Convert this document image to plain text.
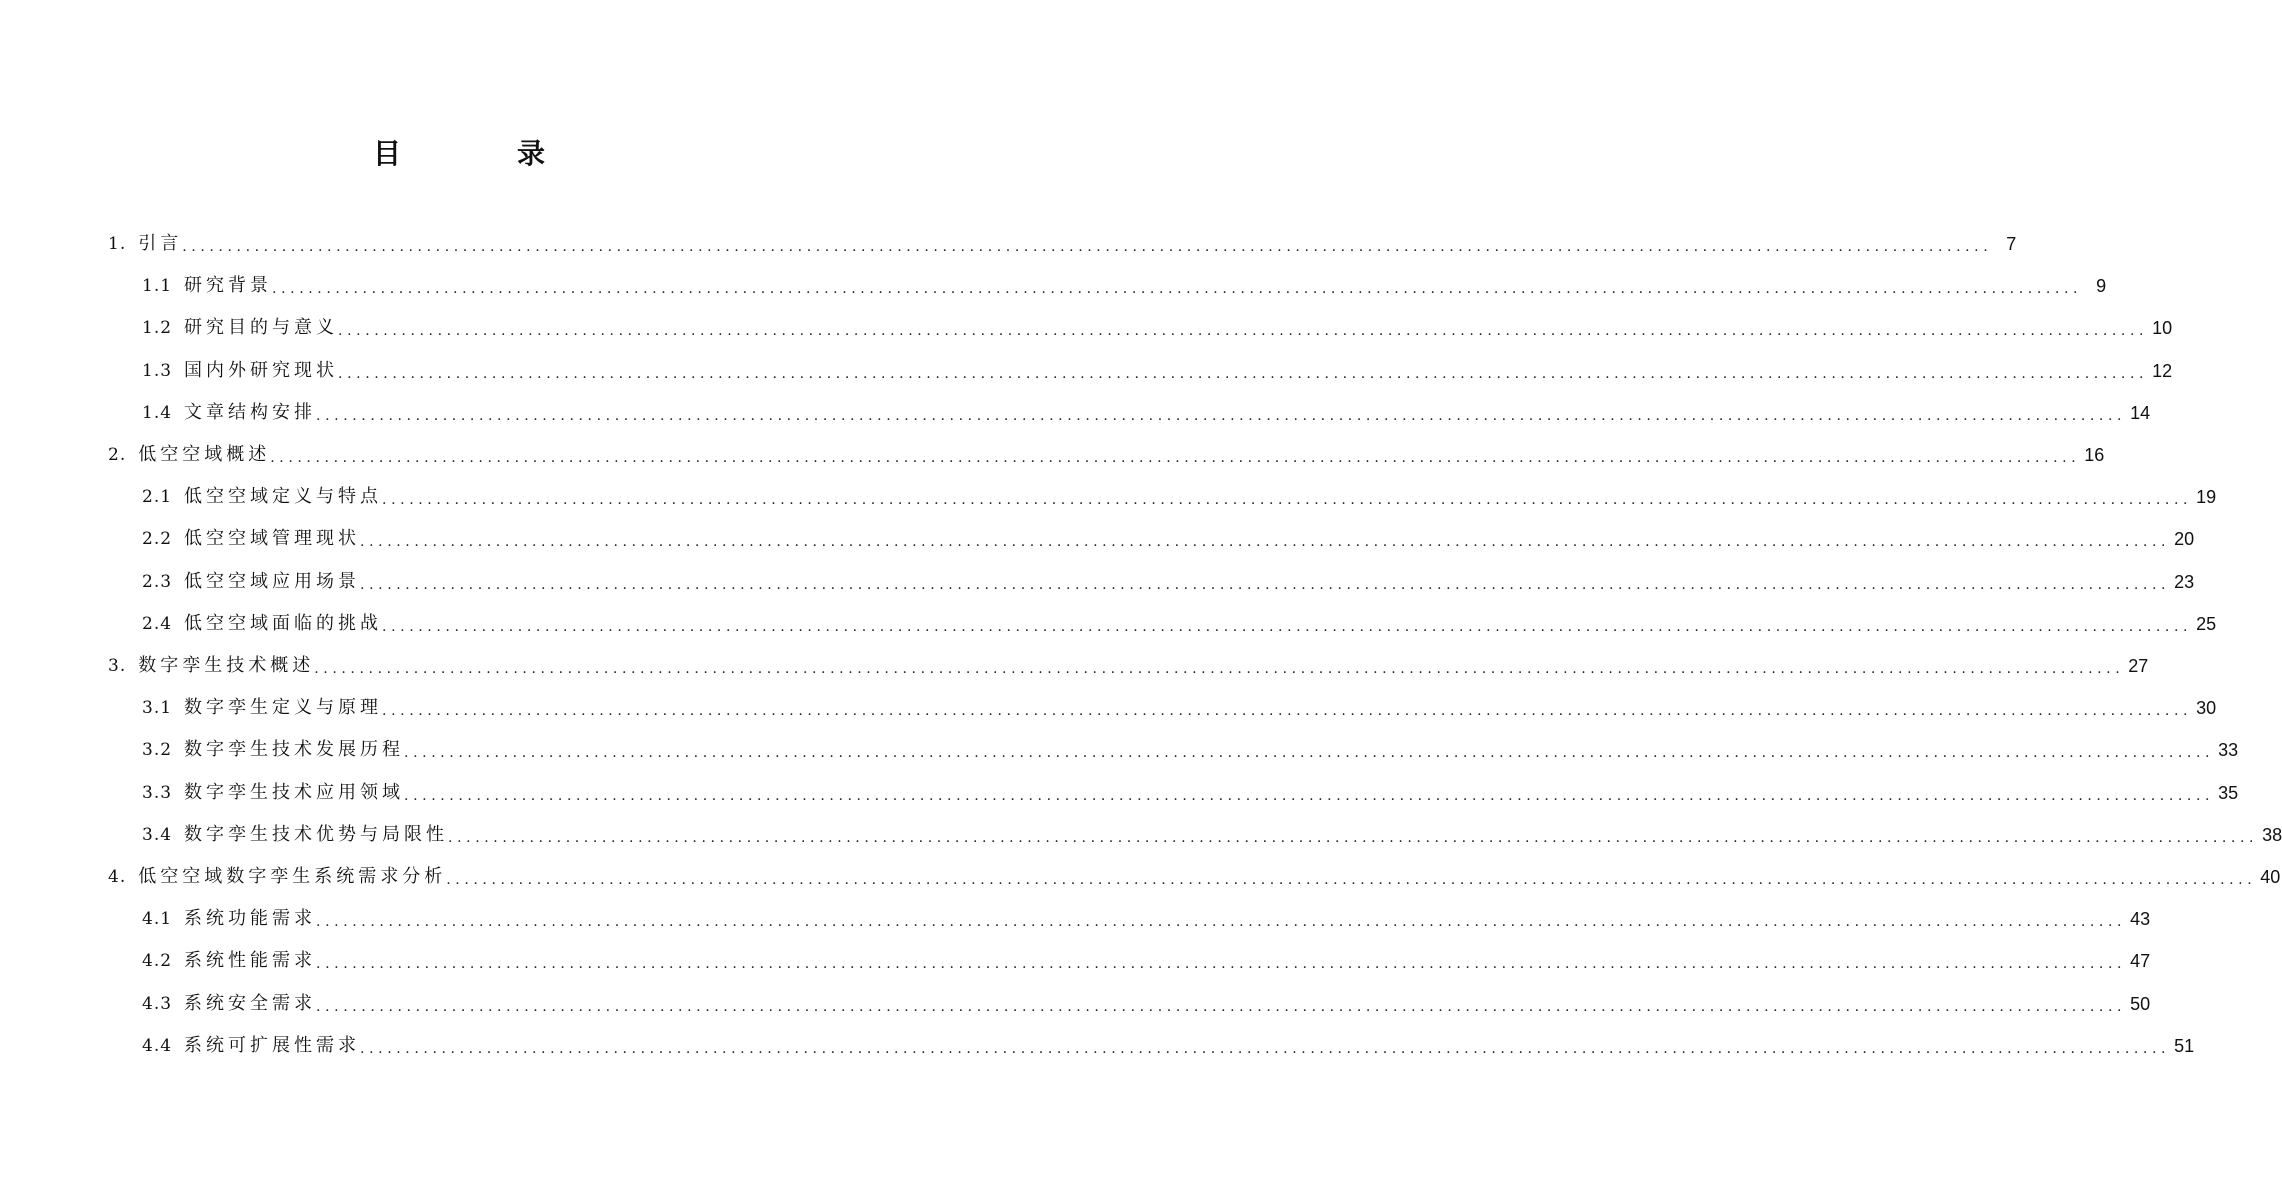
目　录
1. 引言 ........................................................................................................................................................................................................ 7
1.1 研究背景 ........................................................................................................................................................................................................ 9
1.2 研究目的与意义 ........................................................................................................................................................................................................ 10
1.3 国内外研究现状 ........................................................................................................................................................................................................ 12
1.4 文章结构安排 ........................................................................................................................................................................................................ 14
2. 低空空域概述 ........................................................................................................................................................................................................ 16
2.1 低空空域定义与特点 ........................................................................................................................................................................................................ 19
2.2 低空空域管理现状 ........................................................................................................................................................................................................ 20
2.3 低空空域应用场景 ........................................................................................................................................................................................................ 23
2.4 低空空域面临的挑战 ........................................................................................................................................................................................................ 25
3. 数字孪生技术概述 ........................................................................................................................................................................................................ 27
3.1 数字孪生定义与原理 ........................................................................................................................................................................................................ 30
3.2 数字孪生技术发展历程 ........................................................................................................................................................................................................ 33
3.3 数字孪生技术应用领域 ........................................................................................................................................................................................................ 35
3.4 数字孪生技术优势与局限性 ........................................................................................................................................................................................................ 38
4. 低空空域数字孪生系统需求分析 ........................................................................................................................................................................................................ 40
4.1 系统功能需求 ........................................................................................................................................................................................................ 43
4.2 系统性能需求 ........................................................................................................................................................................................................ 47
4.3 系统安全需求 ........................................................................................................................................................................................................ 50
4.4 系统可扩展性需求 ........................................................................................................................................................................................................ 51
